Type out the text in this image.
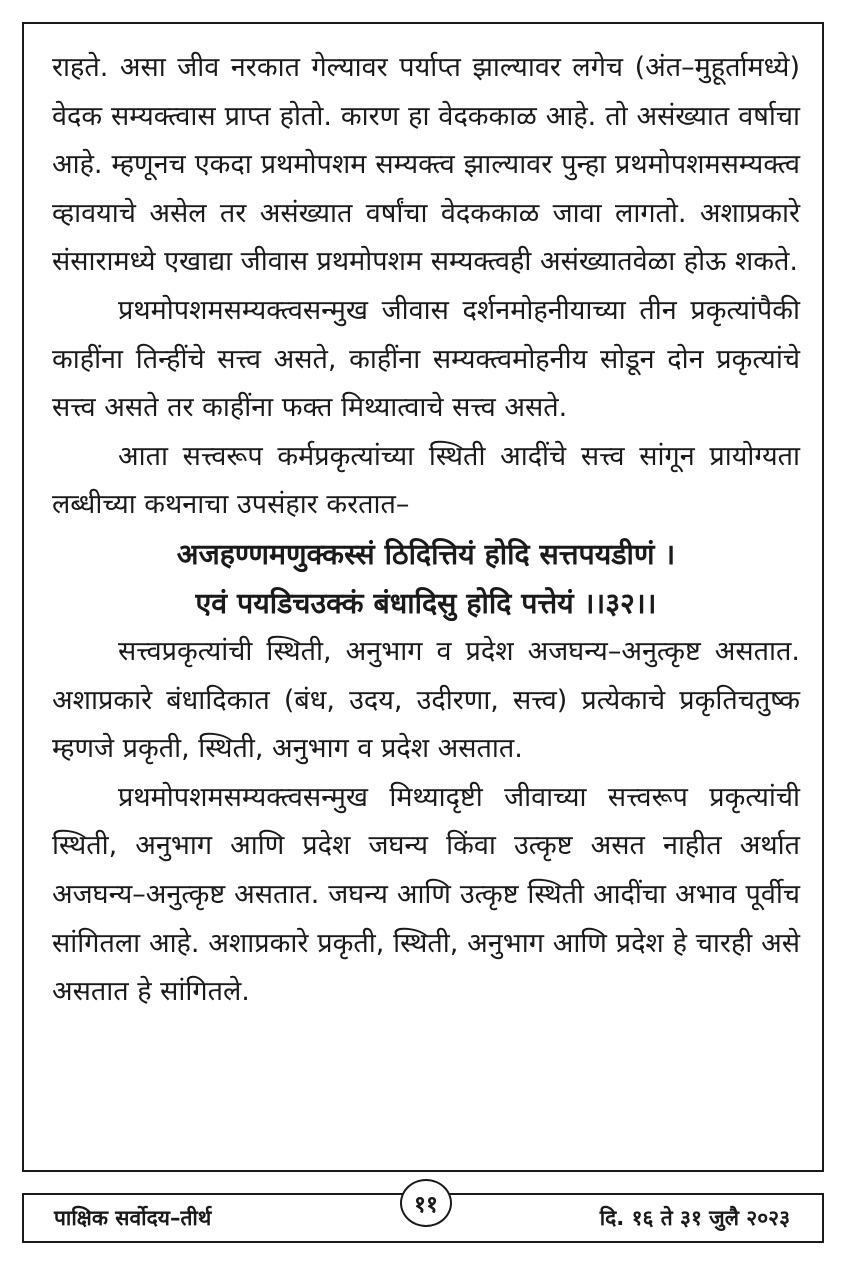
राहते. असा जीव नरकात गेल्यावर पर्याप्त झाल्यावर लगेच (अंत–मुहूर्तामध्ये) वेदक सम्यक्त्वास प्राप्त होतो. कारण हा वेदककाळ आहे. तो असंख्यात वर्षाचा आहे. म्हणूनच एकदा प्रथमोपशम सम्यक्त्व झाल्यावर पुन्हा प्रथमोपशमसम्यक्त्व व्हावयाचे असेल तर असंख्यात वर्षांचा वेदककाळ जावा लागतो. अशाप्रकारे संसारामध्ये एखाद्या जीवास प्रथमोपशम सम्यक्त्वही असंख्यातवेळा होऊ शकते.

प्रथमोपशमसम्यक्त्वसन्मुख जीवास दर्शनमोहनीयाच्या तीन प्रकृत्यांपैकी काहींना तिन्हींचे सत्त्व असते, काहींना सम्यक्त्वमोहनीय सोडून दोन प्रकृत्यांचे सत्त्व असते तर काहींना फक्त मिथ्यात्वाचे सत्त्व असते.

आता सत्त्वरूप कर्मप्रकृत्यांच्या स्थिती आदींचे सत्त्व सांगून प्रायोग्यता लब्धीच्या कथनाचा उपसंहार करतात–

अजहण्णमणुक्कस्सं ठिदित्तियं होदि सत्तपयडीणं ।

एवं पयडिचउक्कं बंधादिसु होदि पत्तेयं ।।३२।।

सत्त्वप्रकृत्यांची स्थिती, अनुभाग व प्रदेश अजघन्य–अनुत्कृष्ट असतात. अशाप्रकारे बंधादिकात (बंध, उदय, उदीरणा, सत्त्व) प्रत्येकाचे प्रकृतिचतुष्क म्हणजे प्रकृती, स्थिती, अनुभाग व प्रदेश असतात.

प्रथमोपशमसम्यक्त्वसन्मुख मिथ्यादृष्टी जीवाच्या सत्त्वरूप प्रकृत्यांची स्थिती, अनुभाग आणि प्रदेश जघन्य किंवा उत्कृष्ट असत नाहीत अर्थात अजघन्य–अनुत्कृष्ट असतात. जघन्य आणि उत्कृष्ट स्थिती आदींचा अभाव पूर्वीच सांगितला आहे. अशाप्रकारे प्रकृती, स्थिती, अनुभाग आणि प्रदेश हे चारही असे असतात हे सांगितले.

पाक्षिक सर्वोदय–तीर्थ	११	दि. १६ ते ३१ जुलै २०२३
